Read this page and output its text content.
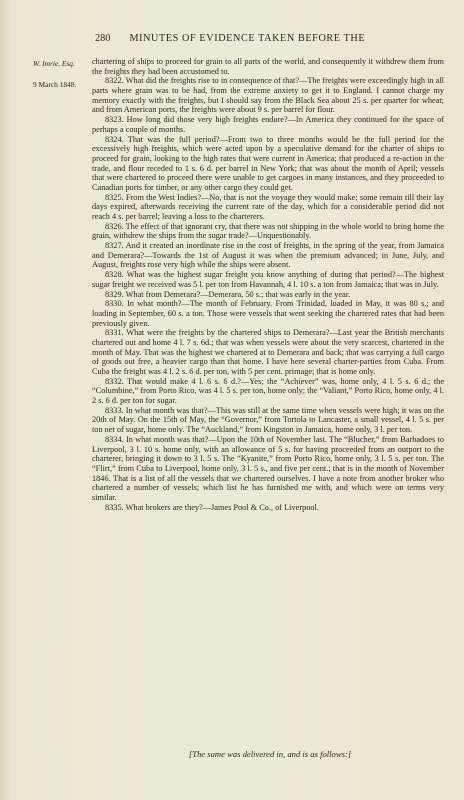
280 MINUTES OF EVIDENCE TAKEN BEFORE THE
W. Imrie, Esq.
9 March 1848.

chartering of ships to proceed for grain to all parts of the world, and consequently it withdrew them from the freights they had been accustomed to.

8322. What did the freights rise to in consequence of that?—The freights were exceedingly high in all parts where grain was to be had, from the extreme anxiety to get it to England. I cannot charge my memory exactly with the freights, but I should say from the Black Sea about 25 s. per quarter for wheat; and from American ports, the freights were about 9 s. per barrel for flour.

8323. How long did those very high freights endure?—In America they continued for the space of perhaps a couple of months.

8324. That was the full period?—From two to three months would be the full period for the excessively high freights, which were acted upon by a speculative demand for the charter of ships to proceed for grain, looking to the high rates that were current in America; that produced a re-action in the trade, and flour receded to 1 s. 6 d. per barrel in New York; that was about the month of April; vessels that were chartered to proceed there were unable to get cargoes in many instances, and they proceeded to Canadian ports for timber, or any other cargo they could get.

8325. From the West Indies?—No, that is not the voyage they would make; some remain till their lay days expired, afterwards receiving the current rate of the day, which for a considerable period did not reach 4 s. per barrel; leaving a loss to the charterers.

8326. The effect of that ignorant cry, that there was not shipping in the whole world to bring home the grain, withdrew the ships from the sugar trade?—Unquestionably.

8327. And it created an inordinate rise in the cost of freights, in the spring of the year, from Jamaica and Demerara?—Towards the 1st of August it was when the premium advanced; in June, July, and August, freights rose very high while the ships were absent.

8328. What was the highest sugar freight you know anything of during that period?—The highest sugar freight we received was 5 l. per ton from Havannah, 4 l. 10 s. a ton from Jamaica; that was in July.

8329. What from Demerara?—Demerara, 50 s.; that was early in the year.

8330. In what month?—The month of February. From Trinidad, loaded in May, it was 80 s.; and loading in September, 60 s. a ton. Those were vessels that went seeking the chartered rates that had been previously given.

8331. What were the freights by the chartered ships to Demerara?—Last year the British merchants chartered out and home 4 l. 7 s. 6d.; that was when vessels were about the very scarcest, chartered in the month of May. That was the highest we chartered at to Demerara and back; that was carrying a full cargo of goods out free, a heavier cargo than that home. I have here several charter-parties from Cuba. From Cuba the freight was 4 l. 2 s. 6 d. per ton, with 5 per cent. primage; that is home only.

8332. That would make 4 l. 6 s. 6 d.?—Yes; the “Achiever” was, home only, 4 l. 5 s. 6 d.; the “Columbine,” from Porto Rico, was 4 l. 5 s. per ton, home only; the “Valiant,” Porto Rico, home only, 4 l. 2 s. 6 d. per ton for sugar.

8333. In what month was that?—This was still at the same time when vessels were high; it was on the 20th of May. On the 15th of May, the “Governor,” from Tortola to Lancaster, a small vessel, 4 l. 5 s. per ton net of sugar, home only. The “Auckland,” from Kingston in Jamaica, home only, 3 l. per ton.

8334. In what month was that?—Upon the 10th of November last. The “Blucher,” from Barbadoes to Liverpool, 3 l. 10 s. home only, with an allowance of 5 s. for having proceeded from an outport to the charterer, bringing it down to 3 l. 5 s. The “Kyanite,” from Porto Rico, home only, 3 l. 5 s. per ton. The “Flirt,” from Cuba to Liverpool, home only, 3 l. 5 s., and five per cent.; that is in the month of November 1846. That is a list of all the vessels that we chartered ourselves. I have a note from another broker who chartered a number of vessels; which list he has furnished me with, and which were on terms very similar.

8335. What brokers are they?—James Pool & Co., of Liverpool.

[The same was delivered in, and is as follows:]
